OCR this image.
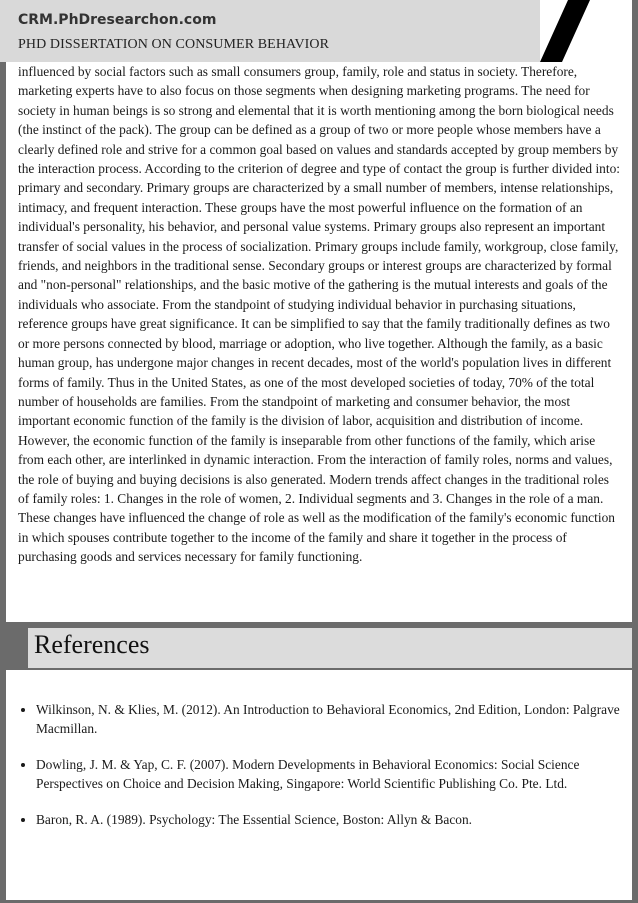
CRM.PhDresearchon.com
PHD DISSERTATION ON CONSUMER BEHAVIOR

influenced by social factors such as small consumers group, family, role and status in society. Therefore, marketing experts have to also focus on those segments when designing marketing programs. The need for society in human beings is so strong and elemental that it is worth mentioning among the born biological needs (the instinct of the pack). The group can be defined as a group of two or more people whose members have a clearly defined role and strive for a common goal based on values and standards accepted by group members by the interaction process. According to the criterion of degree and type of contact the group is further divided into: primary and secondary. Primary groups are characterized by a small number of members, intense relationships, intimacy, and frequent interaction. These groups have the most powerful influence on the formation of an individual's personality, his behavior, and personal value systems. Primary groups also represent an important transfer of social values in the process of socialization. Primary groups include family, workgroup, close family, friends, and neighbors in the traditional sense. Secondary groups or interest groups are characterized by formal and "non-personal" relationships, and the basic motive of the gathering is the mutual interests and goals of the individuals who associate. From the standpoint of studying individual behavior in purchasing situations, reference groups have great significance. It can be simplified to say that the family traditionally defines as two or more persons connected by blood, marriage or adoption, who live together. Although the family, as a basic human group, has undergone major changes in recent decades, most of the world's population lives in different forms of family. Thus in the United States, as one of the most developed societies of today, 70% of the total number of households are families. From the standpoint of marketing and consumer behavior, the most important economic function of the family is the division of labor, acquisition and distribution of income. However, the economic function of the family is inseparable from other functions of the family, which arise from each other, are interlinked in dynamic interaction. From the interaction of family roles, norms and values, the role of buying and buying decisions is also generated. Modern trends affect changes in the traditional roles of family roles: 1. Changes in the role of women, 2. Individual segments and 3. Changes in the role of a man. These changes have influenced the change of role as well as the modification of the family's economic function in which spouses contribute together to the income of the family and share it together in the process of purchasing goods and services necessary for family functioning.

References
• Wilkinson, N. & Klies, M. (2012). An Introduction to Behavioral Economics, 2nd Edition, London: Palgrave Macmillan.
• Dowling, J. M. & Yap, C. F. (2007). Modern Developments in Behavioral Economics: Social Science Perspectives on Choice and Decision Making, Singapore: World Scientific Publishing Co. Pte. Ltd.
• Baron, R. A. (1989). Psychology: The Essential Science, Boston: Allyn & Bacon.
